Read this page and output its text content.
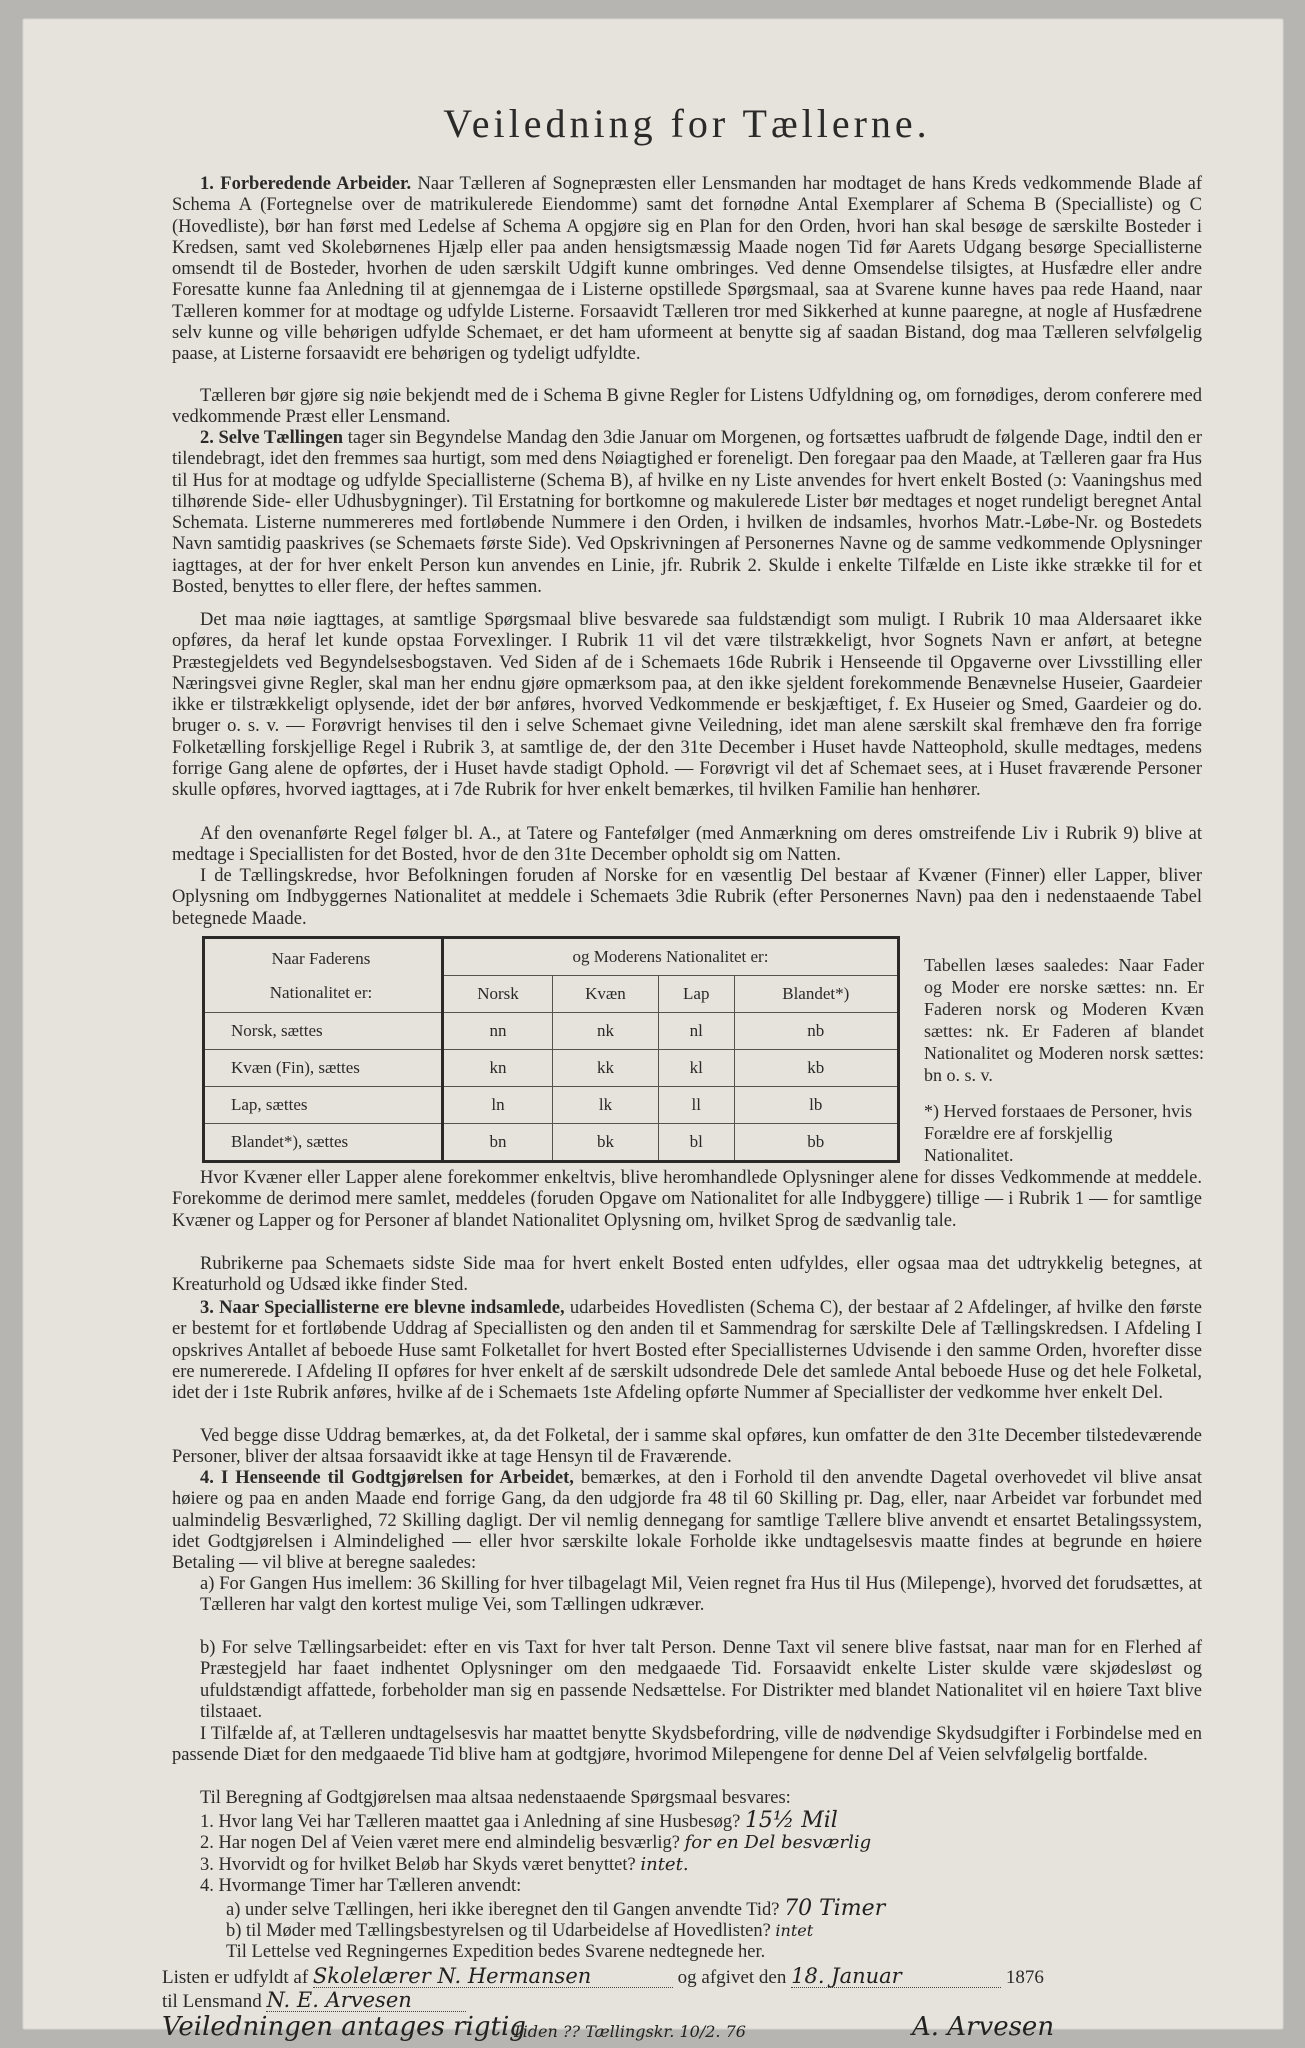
Veiledning for Tællerne.
1. Forberedende Arbeider. Naar Tælleren af Sognepræsten eller Lensmanden har modtaget de hans Kreds vedkommende Blade af Schema A (Fortegnelse over de matrikulerede Eiendomme) samt det fornødne Antal Exemplarer af Schema B (Specialliste) og C (Hovedliste), bør han først med Ledelse af Schema A opgjøre sig en Plan for den Orden, hvori han skal besøge de særskilte Bosteder i Kredsen, samt ved Skolebørnenes Hjælp eller paa anden hensigtsmæssig Maade nogen Tid før Aarets Udgang besørge Speciallisterne omsendt til de Bosteder, hvorhen de uden særskilt Udgift kunne ombringes. Ved denne Omsendelse tilsigtes, at Husfædre eller andre Foresatte kunne faa Anledning til at gjennemgaa de i Listerne opstillede Spørgsmaal, saa at Svarene kunne haves paa rede Haand, naar Tælleren kommer for at modtage og udfylde Listerne. Forsaavidt Tælleren tror med Sikkerhed at kunne paaregne, at nogle af Husfædrene selv kunne og ville behørigen udfylde Schemaet, er det ham uformeent at benytte sig af saadan Bistand, dog maa Tælleren selvfølgelig paase, at Listerne forsaavidt ere behørigen og tydeligt udfyldte.
Tælleren bør gjøre sig nøie bekjendt med de i Schema B givne Regler for Listens Udfyldning og, om fornødiges, derom conferere med vedkommende Præst eller Lensmand.
2. Selve Tællingen tager sin Begyndelse Mandag den 3die Januar om Morgenen, og fortsættes uafbrudt de følgende Dage, indtil den er tilendebragt, idet den fremmes saa hurtigt, som med dens Nøiagtighed er foreneligt. Den foregaar paa den Maade, at Tælleren gaar fra Hus til Hus for at modtage og udfylde Speciallisterne (Schema B), af hvilke en ny Liste anvendes for hvert enkelt Bosted (ɔ: Vaaningshus med tilhørende Side- eller Udhusbygninger). Til Erstatning for bortkomne og makulerede Lister bør medtages et noget rundeligt beregnet Antal Schemata. Listerne nummereres med fortløbende Nummere i den Orden, i hvilken de indsamles, hvorhos Matr.-Løbe-Nr. og Bostedets Navn samtidig paaskrives (se Schemaets første Side). Ved Opskrivningen af Personernes Navne og de samme vedkommende Oplysninger iagttages, at der for hver enkelt Person kun anvendes en Linie, jfr. Rubrik 2. Skulde i enkelte Tilfælde en Liste ikke strække til for et Bosted, benyttes to eller flere, der heftes sammen.
Det maa nøie iagttages, at samtlige Spørgsmaal blive besvarede saa fuldstændigt som muligt. I Rubrik 10 maa Aldersaaret ikke opføres, da heraf let kunde opstaa Forvexlinger. I Rubrik 11 vil det være tilstrækkeligt, hvor Sognets Navn er anført, at betegne Præstegjeldets ved Begyndelsesbogstaven. Ved Siden af de i Schemaets 16de Rubrik i Henseende til Opgaverne over Livsstilling eller Næringsvei givne Regler, skal man her endnu gjøre opmærksom paa, at den ikke sjeldent forekommende Benævnelse Huseier, Gaardeier ikke er tilstrækkeligt oplysende, idet der bør anføres, hvorved Vedkommende er beskjæftiget, f. Ex Huseier og Smed, Gaardeier og do. bruger o. s. v. — Forøvrigt henvises til den i selve Schemaet givne Veiledning, idet man alene særskilt skal fremhæve den fra forrige Folketælling forskjellige Regel i Rubrik 3, at samtlige de, der den 31te December i Huset havde Natteophold, skulle medtages, medens forrige Gang alene de opførtes, der i Huset havde stadigt Ophold. — Forøvrigt vil det af Schemaet sees, at i Huset fraværende Personer skulle opføres, hvorved iagttages, at i 7de Rubrik for hver enkelt bemærkes, til hvilken Familie han henhører.
Af den ovenanførte Regel følger bl. A., at Tatere og Fantefølger (med Anmærkning om deres omstreifende Liv i Rubrik 9) blive at medtage i Speciallisten for det Bosted, hvor de den 31te December opholdt sig om Natten.
I de Tællingskredse, hvor Befolkningen foruden af Norske for en væsentlig Del bestaar af Kvæner (Finner) eller Lapper, bliver Oplysning om Indbyggernes Nationalitet at meddele i Schemaets 3die Rubrik (efter Personernes Navn) paa den i nedenstaaende Tabel betegnede Maade.
Naar Faderens
Nationalitet er:	og Moderens Nationalitet er:			
	Norsk	Kvæn	Lap	Blandet*)
Norsk, sættes	nn	nk	nl	nb
Kvæn (Fin), sættes	kn	kk	kl	kb
Lap, sættes	ln	lk	ll	lb
Blandet*), sættes	bn	bk	bl	bb
Tabellen læses saaledes: Naar Fader og Moder ere norske sættes: nn. Er Faderen norsk og Moderen Kvæn sættes: nk. Er Faderen af blandet Nationalitet og Moderen norsk sættes: bn o. s. v.
*) Herved forstaaes de Personer, hvis Forældre ere af forskjellig Nationalitet.
Hvor Kvæner eller Lapper alene forekommer enkeltvis, blive heromhandlede Oplysninger alene for disses Vedkommende at meddele. Forekomme de derimod mere samlet, meddeles (foruden Opgave om Nationalitet for alle Indbyggere) tillige — i Rubrik 1 — for samtlige Kvæner og Lapper og for Personer af blandet Nationalitet Oplysning om, hvilket Sprog de sædvanlig tale.
Rubrikerne paa Schemaets sidste Side maa for hvert enkelt Bosted enten udfyldes, eller ogsaa maa det udtrykkelig betegnes, at Kreaturhold og Udsæd ikke finder Sted.
3. Naar Speciallisterne ere blevne indsamlede, udarbeides Hovedlisten (Schema C), der bestaar af 2 Afdelinger, af hvilke den første er bestemt for et fortløbende Uddrag af Speciallisten og den anden til et Sammendrag for særskilte Dele af Tællingskredsen. I Afdeling I opskrives Antallet af beboede Huse samt Folketallet for hvert Bosted efter Speciallisternes Udvisende i den samme Orden, hvorefter disse ere numererede. I Afdeling II opføres for hver enkelt af de særskilt udsondrede Dele det samlede Antal beboede Huse og det hele Folketal, idet der i 1ste Rubrik anføres, hvilke af de i Schemaets 1ste Afdeling opførte Nummer af Speciallister der vedkomme hver enkelt Del.
Ved begge disse Uddrag bemærkes, at, da det Folketal, der i samme skal opføres, kun omfatter de den 31te December tilstedeværende Personer, bliver der altsaa forsaavidt ikke at tage Hensyn til de Fraværende.
4. I Henseende til Godtgjørelsen for Arbeidet, bemærkes, at den i Forhold til den anvendte Dagetal overhovedet vil blive ansat høiere og paa en anden Maade end forrige Gang, da den udgjorde fra 48 til 60 Skilling pr. Dag, eller, naar Arbeidet var forbundet med ualmindelig Besværlighed, 72 Skilling dagligt. Der vil nemlig dennegang for samtlige Tællere blive anvendt et ensartet Betalingssystem, idet Godtgjørelsen i Almindelighed — eller hvor særskilte lokale Forholde ikke undtagelsesvis maatte findes at begrunde en høiere Betaling — vil blive at beregne saaledes:
a) For Gangen Hus imellem: 36 Skilling for hver tilbagelagt Mil, Veien regnet fra Hus til Hus (Milepenge), hvorved det forudsættes, at Tælleren har valgt den kortest mulige Vei, som Tællingen udkræver.
b) For selve Tællingsarbeidet: efter en vis Taxt for hver talt Person. Denne Taxt vil senere blive fastsat, naar man for en Flerhed af Præstegjeld har faaet indhentet Oplysninger om den medgaaede Tid. Forsaavidt enkelte Lister skulde være skjødesløst og ufuldstændigt affattede, forbeholder man sig en passende Nedsættelse. For Distrikter med blandet Nationalitet vil en høiere Taxt blive tilstaaet.
I Tilfælde af, at Tælleren undtagelsesvis har maattet benytte Skydsbefordring, ville de nødvendige Skydsudgifter i Forbindelse med en passende Diæt for den medgaaede Tid blive ham at godtgjøre, hvorimod Milepengene for denne Del af Veien selvfølgelig bortfalde.
Til Beregning af Godtgjørelsen maa altsaa nedenstaaende Spørgsmaal besvares:
1. Hvor lang Vei har Tælleren maattet gaa i Anledning af sine Husbesøg? 15½ Mil
2. Har nogen Del af Veien været mere end almindelig besværlig? for en Del besværlig
3. Hvorvidt og for hvilket Beløb har Skyds været benyttet? intet.
4. Hvormange Timer har Tælleren anvendt:
a) under selve Tællingen, heri ikke iberegnet den til Gangen anvendte Tid? 70 Timer
b) til Møder med Tællingsbestyrelsen og til Udarbeidelse af Hovedlisten? intet
Til Lettelse ved Regningernes Expedition bedes Svarene nedtegnede her.
Listen er udfyldt af Skolelærer N. Hermansen	og afgivet den 18. Januar	1876
til Lensmand N. E. Arvesen
Veiledningen antages rigtig
Tiden ?? Tællingskr. 10/2. 76	A. Arvesen
